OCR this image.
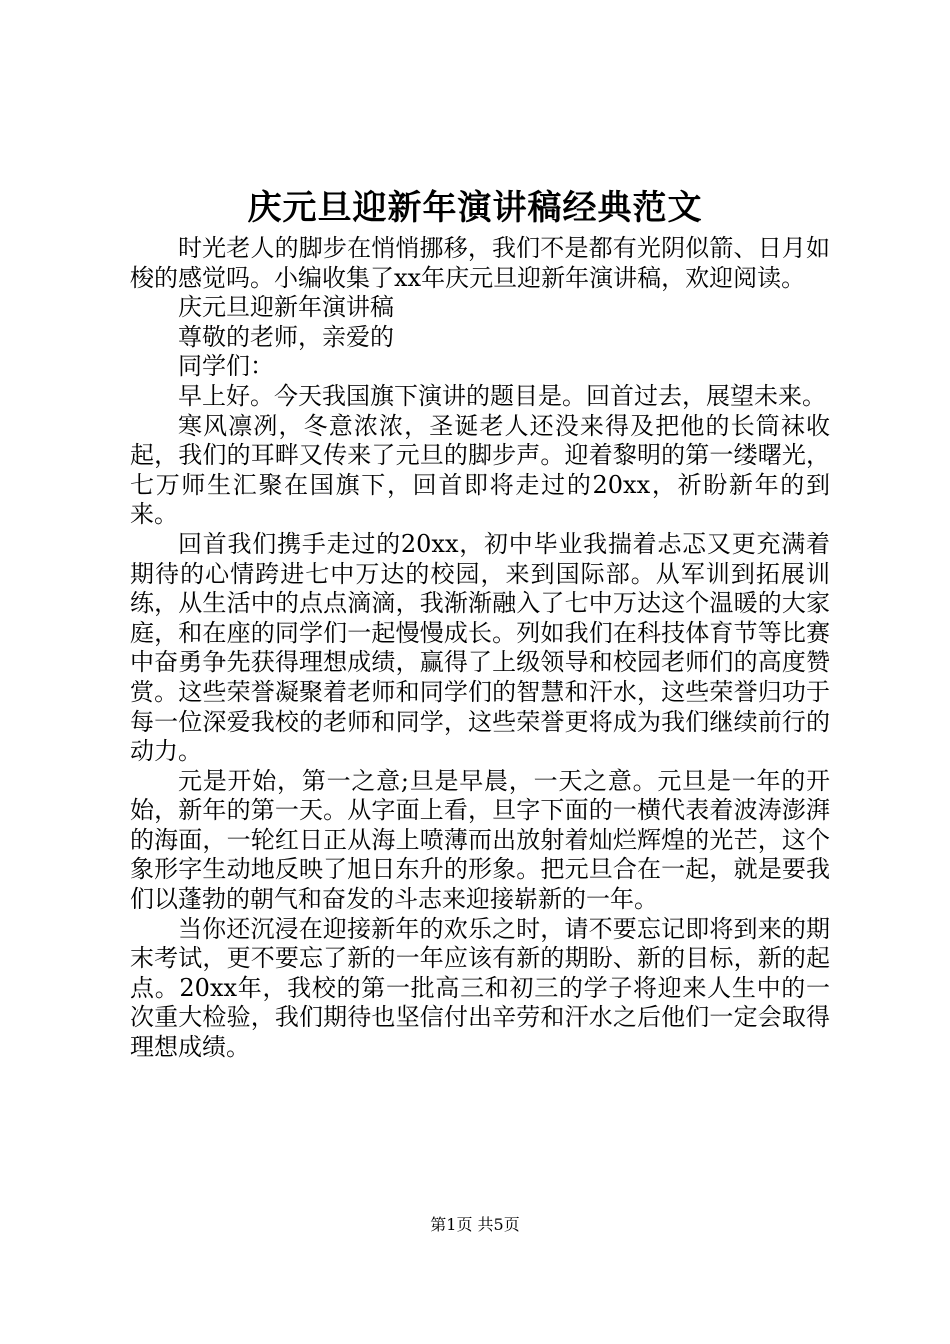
庆元旦迎新年演讲稿经典范文

时光老人的脚步在悄悄挪移，我们不是都有光阴似箭、日月如梭的感觉吗。小编收集了xx年庆元旦迎新年演讲稿，欢迎阅读。

庆元旦迎新年演讲稿

尊敬的老师，亲爱的

同学们：

早上好。今天我国旗下演讲的题目是。回首过去，展望未来。

寒风凛冽，冬意浓浓，圣诞老人还没来得及把他的长筒袜收起，我们的耳畔又传来了元旦的脚步声。迎着黎明的第一缕曙光，七万师生汇聚在国旗下，回首即将走过的20xx，祈盼新年的到来。

回首我们携手走过的20xx，初中毕业我揣着忐忑又更充满着期待的心情跨进七中万达的校园，来到国际部。从军训到拓展训练，从生活中的点点滴滴，我渐渐融入了七中万达这个温暖的大家庭，和在座的同学们一起慢慢成长。列如我们在科技体育节等比赛中奋勇争先获得理想成绩，赢得了上级领导和校园老师们的高度赞赏。这些荣誉凝聚着老师和同学们的智慧和汗水，这些荣誉归功于每一位深爱我校的老师和同学，这些荣誉更将成为我们继续前行的动力。

元是开始，第一之意;旦是早晨，一天之意。元旦是一年的开始，新年的第一天。从字面上看，旦字下面的一横代表着波涛澎湃的海面，一轮红日正从海上喷薄而出放射着灿烂辉煌的光芒，这个象形字生动地反映了旭日东升的形象。把元旦合在一起，就是要我们以蓬勃的朝气和奋发的斗志来迎接崭新的一年。

当你还沉浸在迎接新年的欢乐之时，请不要忘记即将到来的期末考试，更不要忘了新的一年应该有新的期盼、新的目标，新的起点。20xx年，我校的第一批高三和初三的学子将迎来人生中的一次重大检验，我们期待也坚信付出辛劳和汗水之后他们一定会取得理想成绩。

第1页 共5页
